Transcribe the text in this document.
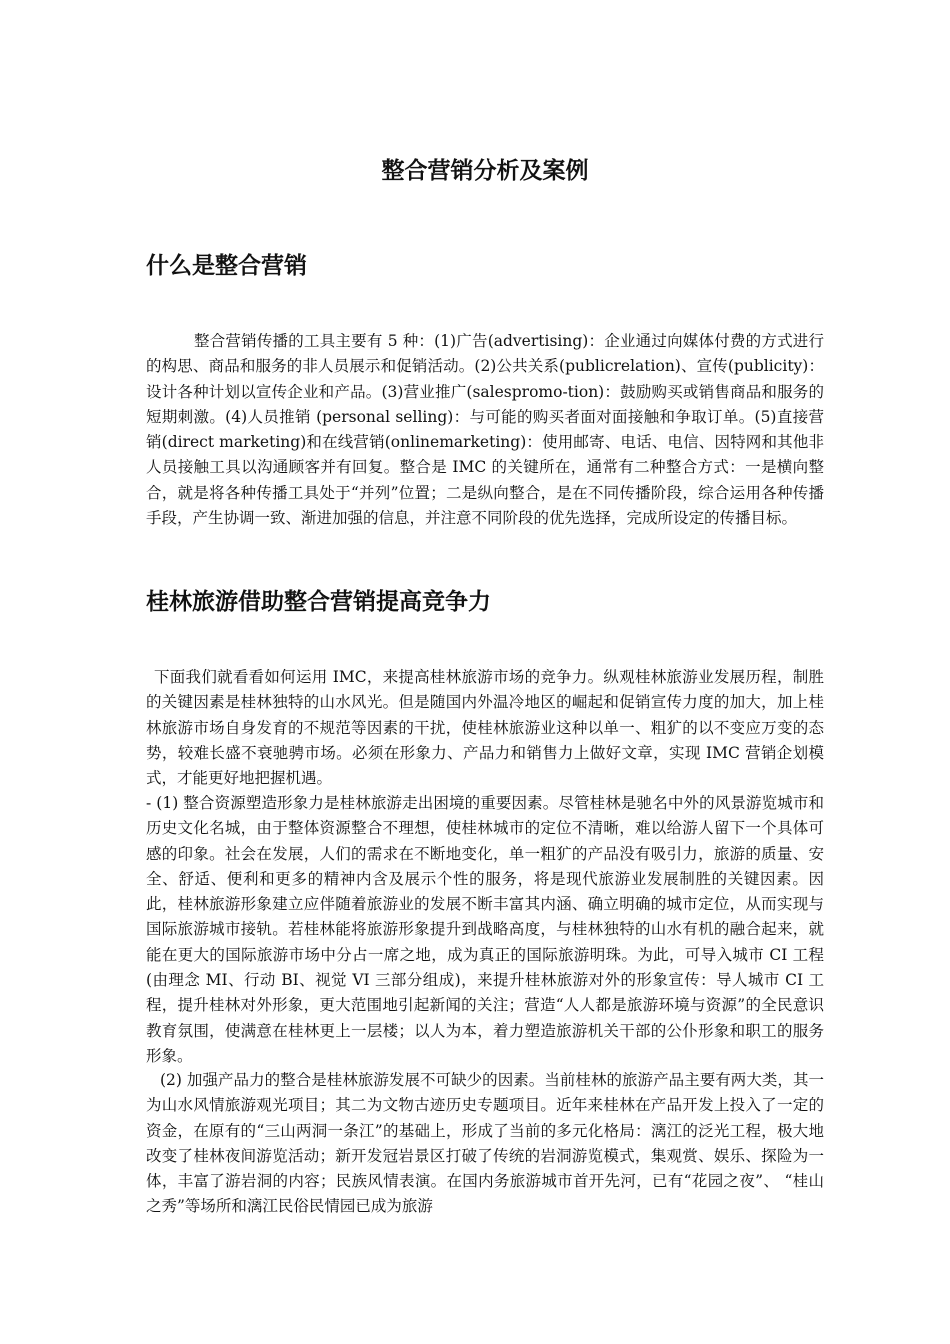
整合营销分析及案例
什么是整合营销

整合营销传播的工具主要有 5 种：(1)广告(advertising)：企业通过向媒体付费的方式进行的构思、商品和服务的非人员展示和促销活动。(2)公共关系(publicrelation)、宣传(publicity)：设计各种计划以宣传企业和产品。(3)营业推广(salespromo-tion)：鼓励购买或销售商品和服务的短期刺激。(4)人员推销 (personal selling)：与可能的购买者面对面接触和争取订单。(5)直接营销(direct marketing)和在线营销(onlinemarketing)：使用邮寄、电话、电信、因特网和其他非人员接触工具以沟通顾客并有回复。整合是 IMC 的关键所在，通常有二种整合方式：一是横向整合，就是将各种传播工具处于“并列”位置；二是纵向整合，是在不同传播阶段，综合运用各种传播手段，产生协调一致、渐进加强的信息，并注意不同阶段的优先选择，完成所设定的传播目标。

桂林旅游借助整合营销提高竞争力

下面我们就看看如何运用 IMC，来提高桂林旅游市场的竞争力。纵观桂林旅游业发展历程，制胜的关键因素是桂林独特的山水风光。但是随国内外温冷地区的崛起和促销宣传力度的加大，加上桂林旅游市场自身发育的不规范等因素的干扰，使桂林旅游业这种以单一、粗犷的以不变应万变的态势，较难长盛不衰驰骋市场。必须在形象力、产品力和销售力上做好文章，实现 IMC 营销企划模式，才能更好地把握机遇。

- (1) 整合资源塑造形象力是桂林旅游走出困境的重要因素。尽管桂林是驰名中外的风景游览城市和历史文化名城，由于整体资源整合不理想，使桂林城市的定位不清晰，难以给游人留下一个具体可感的印象。社会在发展，人们的需求在不断地变化，单一粗犷的产品没有吸引力，旅游的质量、安全、舒适、便利和更多的精神内含及展示个性的服务，将是现代旅游业发展制胜的关键因素。因此，桂林旅游形象建立应伴随着旅游业的发展不断丰富其内涵、确立明确的城市定位，从而实现与国际旅游城市接轨。若桂林能将旅游形象提升到战略高度，与桂林独特的山水有机的融合起来，就能在更大的国际旅游市场中分占一席之地，成为真正的国际旅游明珠。为此，可导入城市 CI 工程(由理念 MI、行动 BI、视觉 VI 三部分组成)，来提升桂林旅游对外的形象宣传：导人城市 CI 工程，提升桂林对外形象，更大范围地引起新闻的关注；营造“人人都是旅游环境与资源”的全民意识教育氛围，使满意在桂林更上一层楼；以人为本，着力塑造旅游机关干部的公仆形象和职工的服务形象。

(2) 加强产品力的整合是桂林旅游发展不可缺少的因素。当前桂林的旅游产品主要有两大类，其一为山水风情旅游观光项目；其二为文物古迹历史专题项目。近年来桂林在产品开发上投入了一定的资金，在原有的“三山两洞一条江”的基础上，形成了当前的多元化格局：漓江的泛光工程，极大地改变了桂林夜间游览活动；新开发冠岩景区打破了传统的岩洞游览模式，集观赏、娱乐、探险为一体，丰富了游岩洞的内容；民族风情表演。在国内务旅游城市首开先河，已有“花园之夜”、 “桂山之秀”等场所和漓江民俗民情园已成为旅游
